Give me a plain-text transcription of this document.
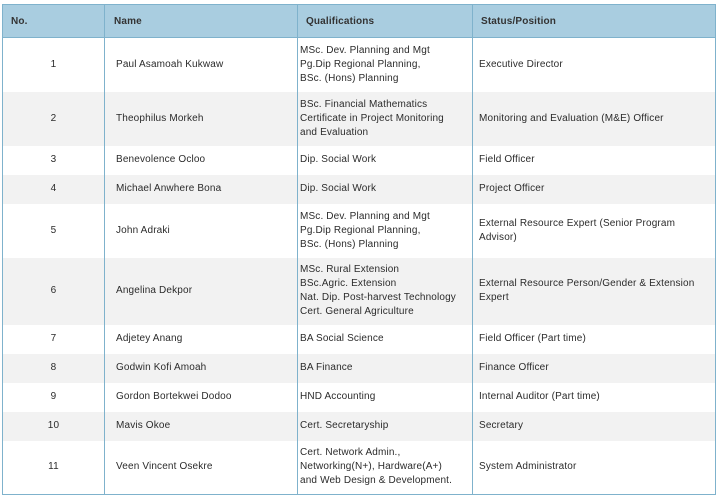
No.	Name	Qualifications	Status/Position
1	Paul Asamoah Kukwaw	MSc. Dev. Planning and Mgt
Pg.Dip Regional Planning,
BSc. (Hons) Planning	Executive Director
2	Theophilus Morkeh	BSc. Financial Mathematics
Certificate in Project Monitoring
and Evaluation	Monitoring and Evaluation (M&E) Officer
3	Benevolence Ocloo	Dip. Social Work	Field Officer
4	Michael Anwhere Bona	Dip. Social Work	Project Officer
5	John Adraki	MSc. Dev. Planning and Mgt
Pg.Dip Regional Planning,
BSc. (Hons) Planning	External Resource Expert (Senior Program Advisor)
6	Angelina Dekpor	MSc. Rural Extension
BSc.Agric. Extension
Nat. Dip. Post-harvest Technology
Cert. General Agriculture	External Resource Person/Gender & Extension Expert
7	Adjetey Anang	BA Social Science	Field Officer (Part time)
8	Godwin Kofi Amoah	BA Finance	Finance Officer
9	Gordon Bortekwei Dodoo	HND Accounting	Internal Auditor (Part time)
10	Mavis Okoe	Cert. Secretaryship	Secretary
11	Veen Vincent Osekre	Cert. Network Admin.,
Networking(N+), Hardware(A+)
and Web Design & Development.	System Administrator
